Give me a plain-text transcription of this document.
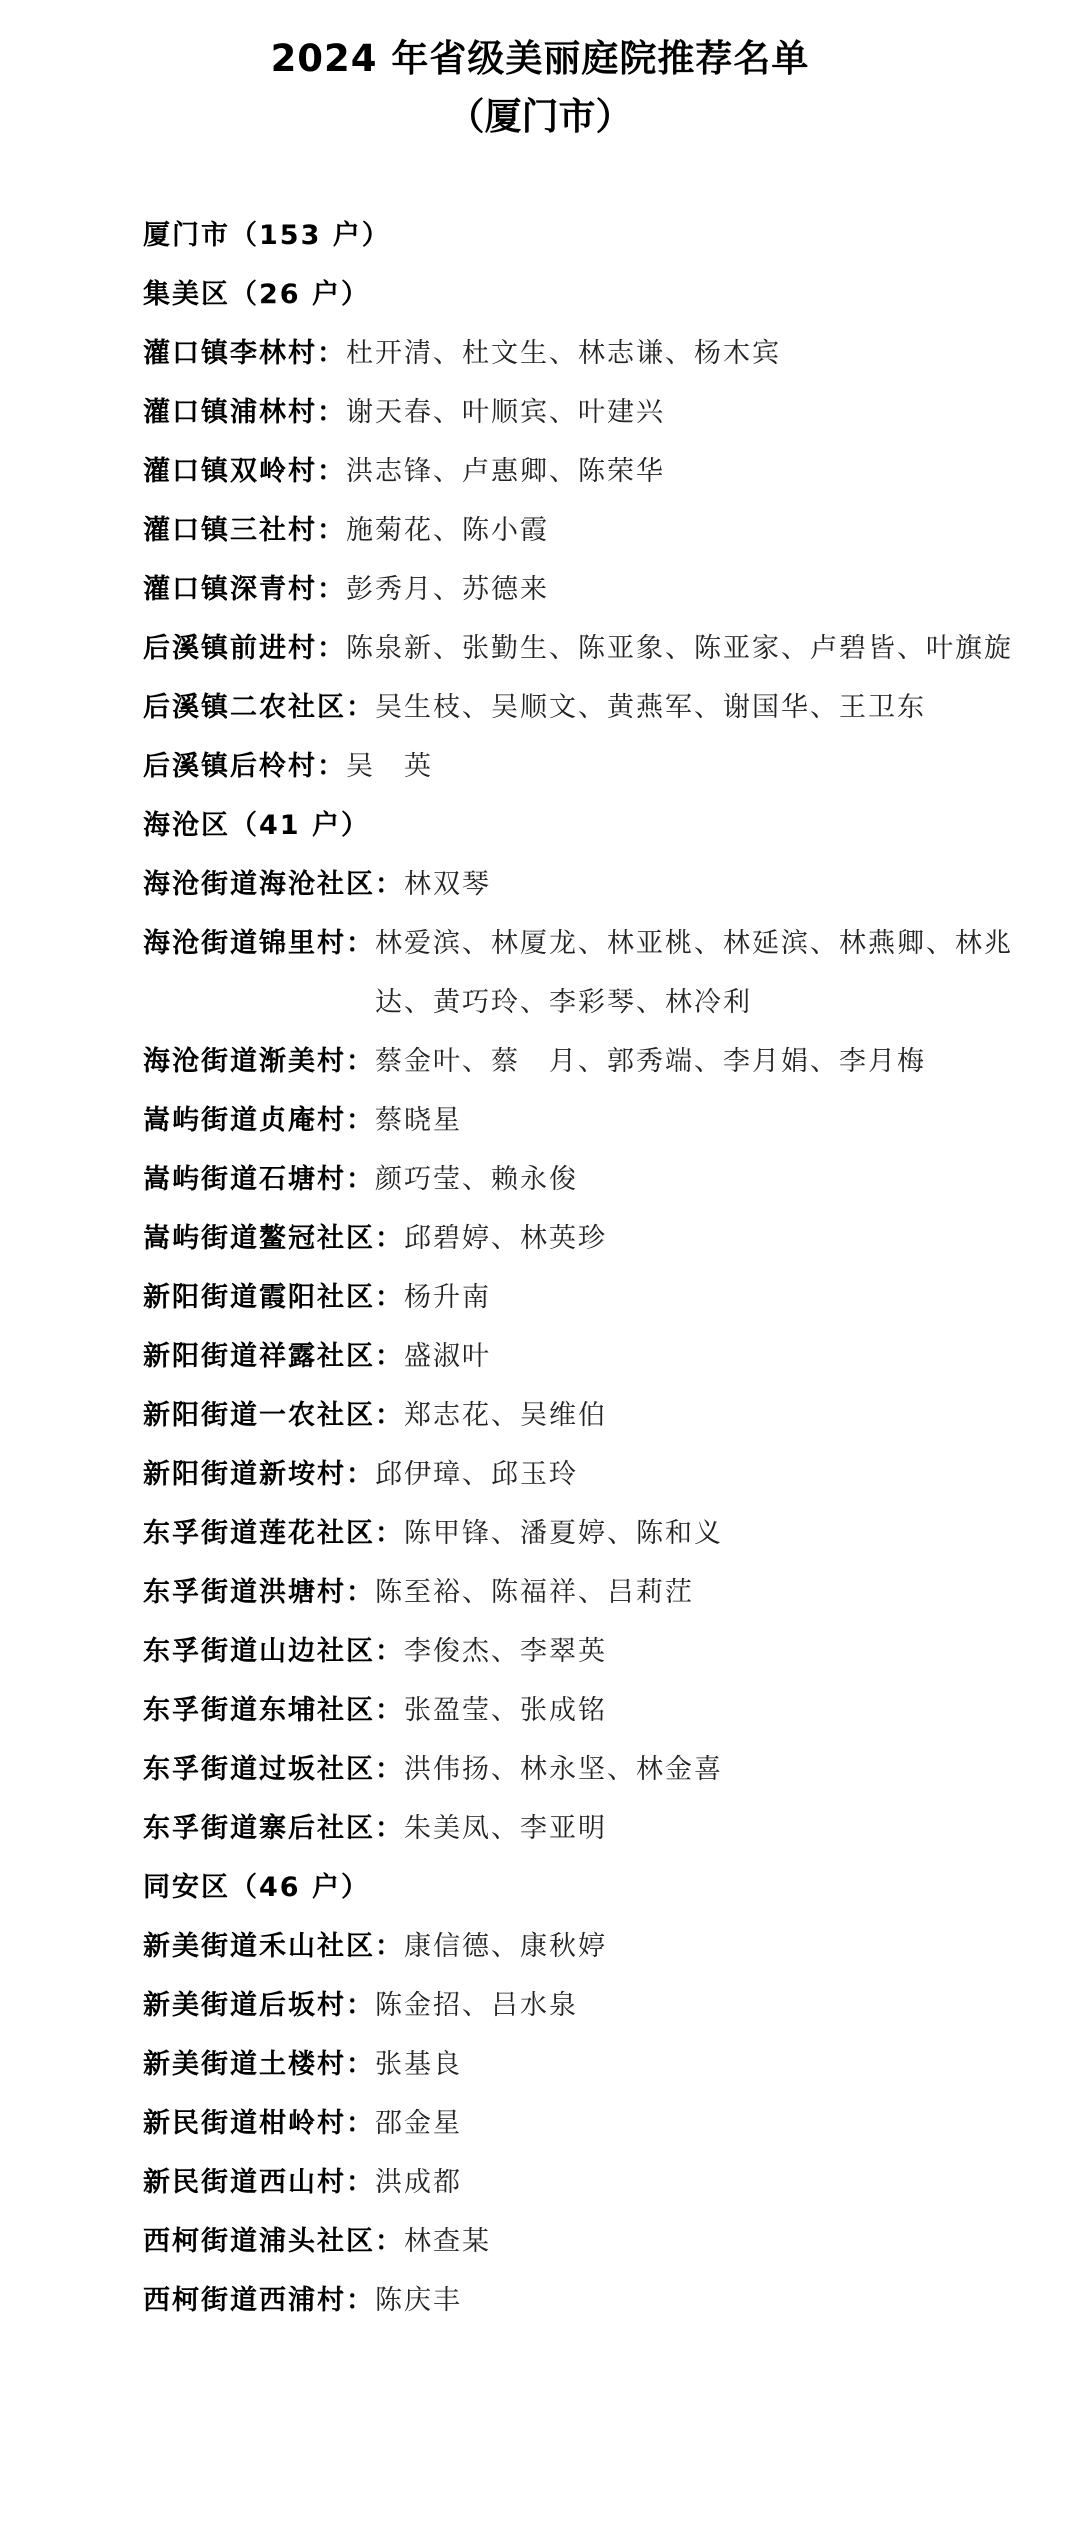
2024 年省级美丽庭院推荐名单
（厦门市）
厦门市（153 户）
集美区（26 户）
灌口镇李林村： 杜开清、杜文生、林志谦、杨木宾
灌口镇浦林村： 谢天春、叶顺宾、叶建兴
灌口镇双岭村： 洪志锋、卢惠卿、陈荣华
灌口镇三社村： 施菊花、陈小霞
灌口镇深青村： 彭秀月、苏德来
后溪镇前进村： 陈泉新、张勤生、陈亚象、陈亚家、卢碧皆、叶旗旋
后溪镇二农社区： 吴生枝、吴顺文、黄燕军、谢国华、王卫东
后溪镇后柃村： 吴　英
海沧区（41 户）
海沧街道海沧社区： 林双琴
海沧街道锦里村： 林爱滨、林厦龙、林亚桃、林延滨、林燕卿、林兆达、黄巧玲、李彩琴、林冷利
海沧街道渐美村： 蔡金叶、蔡　月、郭秀端、李月娟、李月梅
嵩屿街道贞庵村： 蔡晓星
嵩屿街道石塘村： 颜巧莹、赖永俊
嵩屿街道鳌冠社区： 邱碧婷、林英珍
新阳街道霞阳社区： 杨升南
新阳街道祥露社区： 盛淑叶
新阳街道一农社区： 郑志花、吴维伯
新阳街道新垵村： 邱伊璋、邱玉玲
东孚街道莲花社区： 陈甲锋、潘夏婷、陈和义
东孚街道洪塘村： 陈至裕、陈福祥、吕莉茳
东孚街道山边社区： 李俊杰、李翠英
东孚街道东埔社区： 张盈莹、张成铭
东孚街道过坂社区： 洪伟扬、林永坚、林金喜
东孚街道寨后社区： 朱美凤、李亚明
同安区（46 户）
新美街道禾山社区： 康信德、康秋婷
新美街道后坂村： 陈金招、吕水泉
新美街道土楼村： 张基良
新民街道柑岭村： 邵金星
新民街道西山村： 洪成都
西柯街道浦头社区： 林查某
西柯街道西浦村： 陈庆丰
